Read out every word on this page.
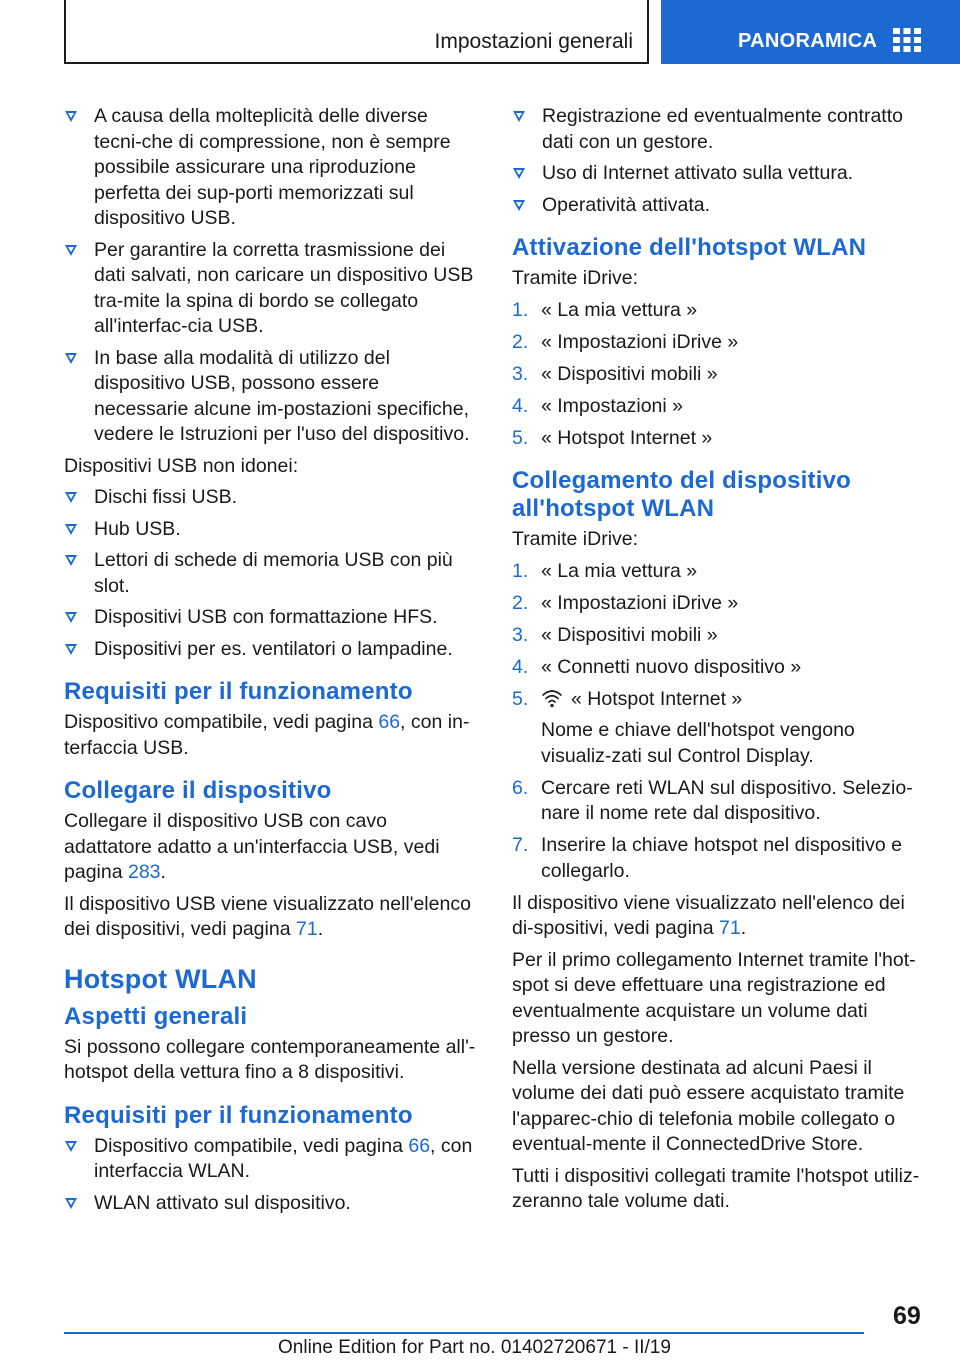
Impostazioni generali	PANORAMICA
A causa della molteplicità delle diverse tecni-che di compressione, non è sempre possibile assicurare una riproduzione perfetta dei sup-porti memorizzati sul dispositivo USB.
Per garantire la corretta trasmissione dei dati salvati, non caricare un dispositivo USB tra-mite la spina di bordo se collegato all'interfac-cia USB.
In base alla modalità di utilizzo del dispositivo USB, possono essere necessarie alcune im-postazioni specifiche, vedere le Istruzioni per l'uso del dispositivo.

Dispositivi USB non idonei:

Dischi fissi USB.
Hub USB.
Lettori di schede di memoria USB con più slot.
Dispositivi USB con formattazione HFS.
Dispositivi per es. ventilatori o lampadine.
Requisiti per il funzionamento

Dispositivo compatibile, vedi pagina 66, con in-terfaccia USB.

Collegare il dispositivo

Collegare il dispositivo USB con cavo adattatore adatto a un'interfaccia USB, vedi pagina 283.

Il dispositivo USB viene visualizzato nell'elenco dei dispositivi, vedi pagina 71.

Hotspot WLAN
Aspetti generali

Si possono collegare contemporaneamente all'-hotspot della vettura fino a 8 dispositivi.

Requisiti per il funzionamento
Dispositivo compatibile, vedi pagina 66, con interfaccia WLAN.
WLAN attivato sul dispositivo.
Registrazione ed eventualmente contratto dati con un gestore.
Uso di Internet attivato sulla vettura.
Operatività attivata.
Attivazione dell'hotspot WLAN

Tramite iDrive:

1. « La mia vettura »
2. « Impostazioni iDrive »
3. « Dispositivi mobili »
4. « Impostazioni »
5. « Hotspot Internet »
Collegamento del dispositivo all'hotspot WLAN

Tramite iDrive:

1. « La mia vettura »
2. « Impostazioni iDrive »
3. « Dispositivi mobili »
4. « Connetti nuovo dispositivo »
5. « Hotspot Internet »
Nome e chiave dell'hotspot vengono visualiz-zati sul Control Display.
6. Cercare reti WLAN sul dispositivo. Selezio-nare il nome rete dal dispositivo.
7. Inserire la chiave hotspot nel dispositivo e collegarlo.

Il dispositivo viene visualizzato nell'elenco dei di-spositivi, vedi pagina 71.

Per il primo collegamento Internet tramite l'hot-spot si deve effettuare una registrazione ed eventualmente acquistare un volume dati presso un gestore.

Nella versione destinata ad alcuni Paesi il volume dei dati può essere acquistato tramite l'apparec-chio di telefonia mobile collegato o eventual-mente il ConnectedDrive Store.

Tutti i dispositivi collegati tramite l'hotspot utiliz-zeranno tale volume dati.

69
Online Edition for Part no. 01402720671 - II/19
